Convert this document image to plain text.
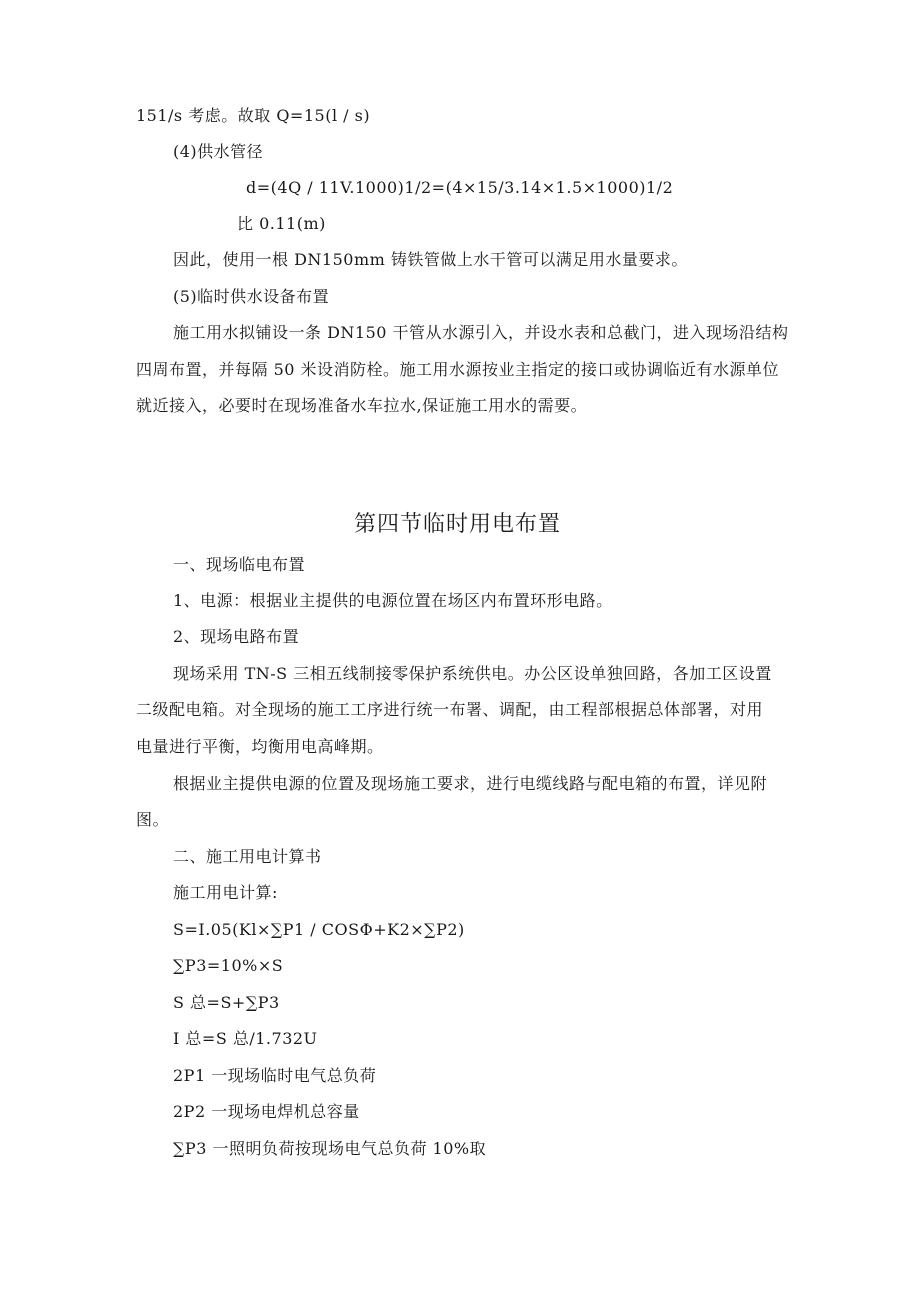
151/s 考虑。故取 Q=15(l / s)
(4)供水管径
d=(4Q / 11V.1000)1/2=(4×15/3.14×1.5×1000)1/2
比 0.11(m)
因此，使用一根 DN150mm 铸铁管做上水干管可以满足用水量要求。
(5)临时供水设备布置
施工用水拟铺设一条 DN150 干管从水源引入，并设水表和总截门，进入现场沿结构
四周布置，并每隔 50 米设消防栓。施工用水源按业主指定的接口或协调临近有水源单位
就近接入，必要时在现场准备水车拉水,保证施工用水的需要。
第四节临时用电布置
一、现场临电布置
1、电源：根据业主提供的电源位置在场区内布置环形电路。
2、现场电路布置
现场采用 TN-S 三相五线制接零保护系统供电。办公区设单独回路，各加工区设置
二级配电箱。对全现场的施工工序进行统一布署、调配，由工程部根据总体部署，对用
电量进行平衡，均衡用电高峰期。
根据业主提供电源的位置及现场施工要求，进行电缆线路与配电箱的布置，详见附
图。
二、施工用电计算书
施工用电计算:
S=I.05(Kl×∑P1 / COSΦ+K2×∑P2)
∑P3=10%×S
S 总=S+∑P3
I 总=S 总/1.732U
2P1 一现场临时电气总负荷
2P2 一现场电焊机总容量
∑P3 一照明负荷按现场电气总负荷 10%取
